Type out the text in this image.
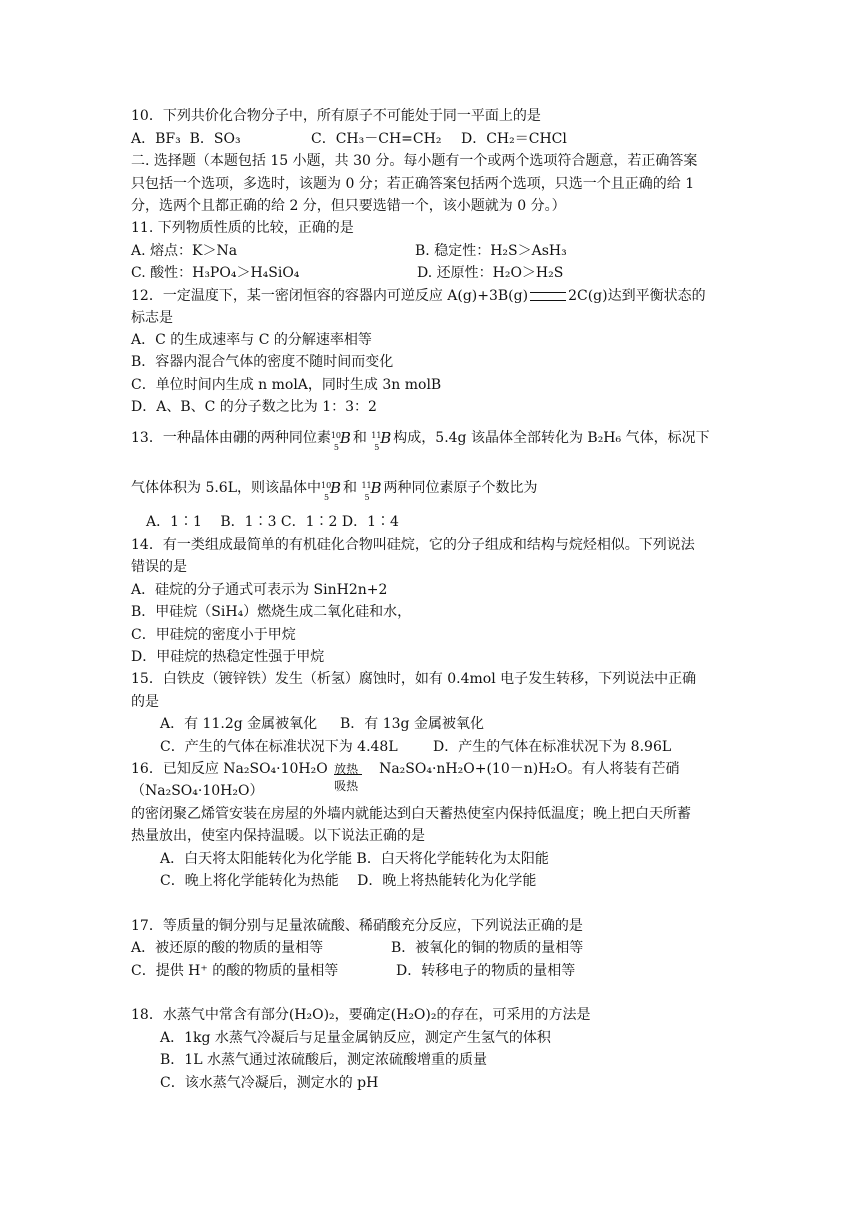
10．下列共价化合物分子中，所有原子不可能处于同一平面上的是
A．BF₃ B．SO₃	C．CH₃－CH=CH₂ D．CH₂＝CHCl
二. 选择题（本题包括 15 小题，共 30 分。每小题有一个或两个选项符合题意，若正确答案
只包括一个选项，多选时，该题为 0 分；若正确答案包括两个选项，只选一个且正确的给 1
分，选两个且都正确的给 2 分，但只要选错一个，该小题就为 0 分。）
11. 下列物质性质的比较，正确的是
A. 熔点：K＞Na	B. 稳定性：H₂S＞AsH₃
C. 酸性：H₃PO₄＞H₄SiO₄	D. 还原性：H₂O＞H₂S
12．一定温度下，某一密闭恒容的容器内可逆反应 A(g)+3B(g)	2C(g)达到平衡状态的
标志是
A．C 的生成速率与 C 的分解速率相等
B．容器内混合气体的密度不随时间而变化
C．单位时间内生成 n molA，同时生成 3n molB
D．A、B、C 的分子数之比为 1：3：2
13．一种晶体由硼的两种同位素 10
5
B 和 11
5
B 构成，5.4g 该晶体全部转化为 B₂H₆ 气体，标况下
气体体积为 5.6L，则该晶体中 10
5
B 和 11
5
B 两种同位素原子个数比为
A．1∶1　 B．1∶3 C．1∶2 D．1∶4
14．有一类组成最简单的有机硅化合物叫硅烷，它的分子组成和结构与烷烃相似。下列说法
错误的是
A．硅烷的分子通式可表示为 SinH2n+2
B．甲硅烷（SiH₄）燃烧生成二氧化硅和水，
C．甲硅烷的密度小于甲烷
D．甲硅烷的热稳定性强于甲烷
15．白铁皮（镀锌铁）发生（析氢）腐蚀时，如有 0.4mol 电子发生转移，下列说法中正确
的是
A．有 11.2g 金属被氧化 B．有 13g 金属被氧化
C．产生的气体在标准状况下为 4.48L	D．产生的气体在标准状况下为 8.96L
16．已知反应 Na₂SO₄·10H₂O 放热
吸热
Na₂SO₄·nH₂O+(10－n)H₂O。有人将装有芒硝
（Na₂SO₄·10H₂O）
的密闭聚乙烯管安装在房屋的外墙内就能达到白天蓄热使室内保持低温度；晚上把白天所蓄
热量放出，使室内保持温暖。以下说法正确的是
A．白天将太阳能转化为化学能 B．白天将化学能转化为太阳能
C．晚上将化学能转化为热能　 D．晚上将热能转化为化学能
17．等质量的铜分别与足量浓硫酸、稀硝酸充分反应，下列说法正确的是
A．被还原的酸的物质的量相等	B．被氧化的铜的物质的量相等
C．提供 H⁺ 的酸的物质的量相等	D．转移电子的物质的量相等
18．水蒸气中常含有部分(H₂O)₂，要确定(H₂O)₂的存在，可采用的方法是
A．1kg 水蒸气冷凝后与足量金属钠反应，测定产生氢气的体积
B．1L 水蒸气通过浓硫酸后，测定浓硫酸增重的质量
C．该水蒸气冷凝后，测定水的 pH
